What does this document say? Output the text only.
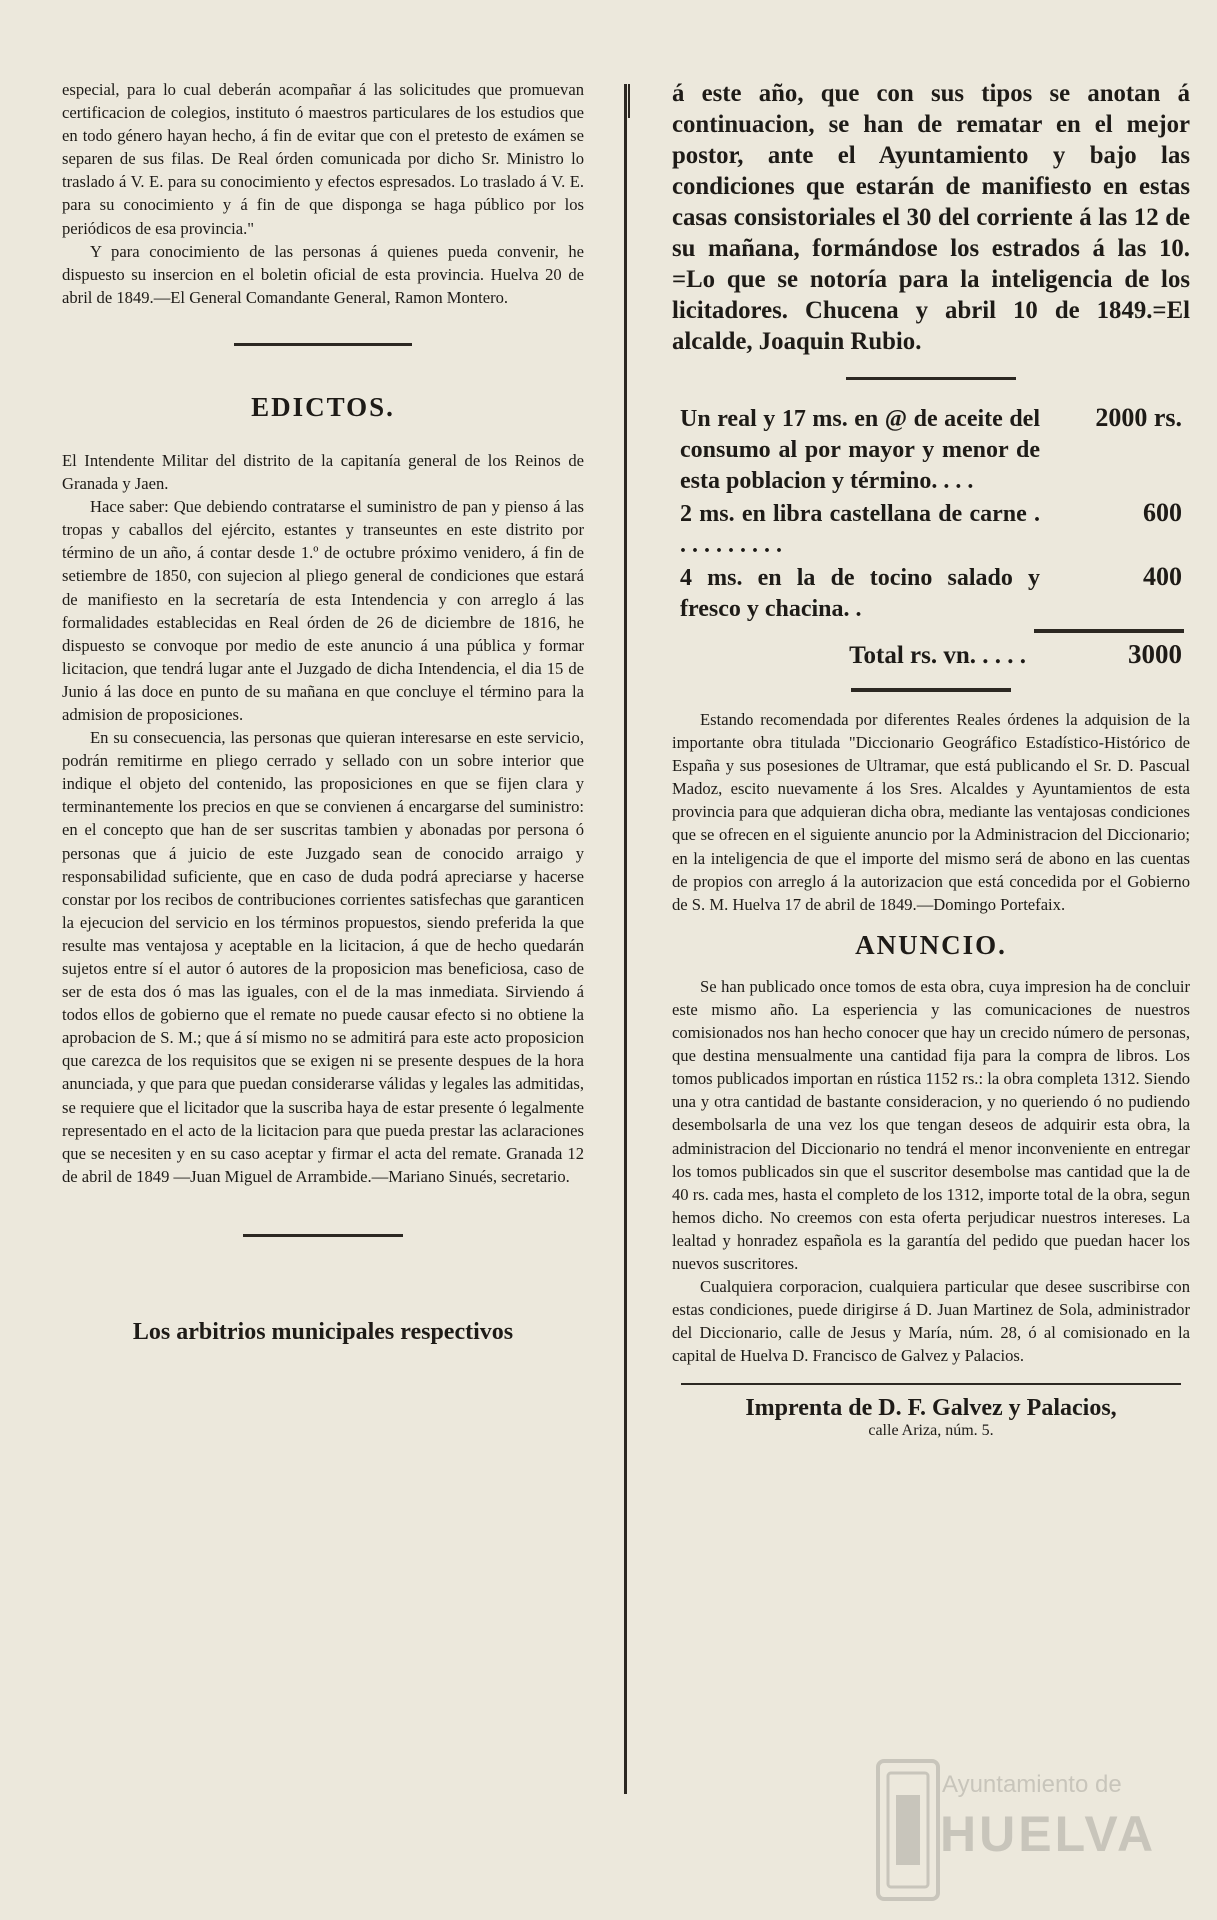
especial, para lo cual deberán acompañar á las solicitudes que promuevan certificacion de colegios, instituto ó maestros particulares de los estudios que en todo género hayan hecho, á fin de evitar que con el pretesto de exámen se separen de sus filas. De Real órden comunicada por dicho Sr. Ministro lo traslado á V. E. para su conocimiento y efectos espresados. Lo traslado á V. E. para su conocimiento y á fin de que disponga se haga público por los periódicos de esa provincia."

Y para conocimiento de las personas á quienes pueda convenir, he dispuesto su insercion en el boletin oficial de esta provincia. Huelva 20 de abril de 1849.—El General Comandante General, Ramon Montero.

EDICTOS.

El Intendente Militar del distrito de la capitanía general de los Reinos de Granada y Jaen.

Hace saber: Que debiendo contratarse el suministro de pan y pienso á las tropas y caballos del ejército, estantes y transeuntes en este distrito por término de un año, á contar desde 1.º de octubre próximo venidero, á fin de setiembre de 1850, con sujecion al pliego general de condiciones que estará de manifiesto en la secretaría de esta Intendencia y con arreglo á las formalidades establecidas en Real órden de 26 de diciembre de 1816, he dispuesto se convoque por medio de este anuncio á una pública y formar licitacion, que tendrá lugar ante el Juzgado de dicha Intendencia, el dia 15 de Junio á las doce en punto de su mañana en que concluye el término para la admision de proposiciones.

En su consecuencia, las personas que quieran interesarse en este servicio, podrán remitirme en pliego cerrado y sellado con un sobre interior que indique el objeto del contenido, las proposiciones en que se fijen clara y terminantemente los precios en que se convienen á encargarse del suministro: en el concepto que han de ser suscritas tambien y abonadas por persona ó personas que á juicio de este Juzgado sean de conocido arraigo y responsabilidad suficiente, que en caso de duda podrá apreciarse y hacerse constar por los recibos de contribuciones corrientes satisfechas que garanticen la ejecucion del servicio en los términos propuestos, siendo preferida la que resulte mas ventajosa y aceptable en la licitacion, á que de hecho quedarán sujetos entre sí el autor ó autores de la proposicion mas beneficiosa, caso de ser de esta dos ó mas las iguales, con el de la mas inmediata. Sirviendo á todos ellos de gobierno que el remate no puede causar efecto si no obtiene la aprobacion de S. M.; que á sí mismo no se admitirá para este acto proposicion que carezca de los requisitos que se exigen ni se presente despues de la hora anunciada, y que para que puedan considerarse válidas y legales las admitidas, se requiere que el licitador que la suscriba haya de estar presente ó legalmente representado en el acto de la licitacion para que pueda prestar las aclaraciones que se necesiten y en su caso aceptar y firmar el acta del remate. Granada 12 de abril de 1849 —Juan Miguel de Arrambide.—Mariano Sinués, secretario.

Los arbitrios municipales respectivos

á este año, que con sus tipos se anotan á continuacion, se han de rematar en el mejor postor, ante el Ayuntamiento y bajo las condiciones que estarán de manifiesto en estas casas consistoriales el 30 del corriente á las 12 de su mañana, formándose los estrados á las 10. =Lo que se notoría para la inteligencia de los licitadores. Chucena y abril 10 de 1849.=El alcalde, Joaquin Rubio.

Un real y 17 ms. en @ de aceite del consumo al por mayor y menor de esta poblacion y término. . . .
2000 rs.
2 ms. en libra castellana de carne . . . . . . . . . .
600
4 ms. en la de tocino salado y fresco y chacina. .
400
Total rs. vn. . . . .	3000

Estando recomendada por diferentes Reales órdenes la adquision de la importante obra titulada "Diccionario Geográfico Estadístico-Histórico de España y sus posesiones de Ultramar, que está publicando el Sr. D. Pascual Madoz, escito nuevamente á los Sres. Alcaldes y Ayuntamientos de esta provincia para que adquieran dicha obra, mediante las ventajosas condiciones que se ofrecen en el siguiente anuncio por la Administracion del Diccionario; en la inteligencia de que el importe del mismo será de abono en las cuentas de propios con arreglo á la autorizacion que está concedida por el Gobierno de S. M. Huelva 17 de abril de 1849.—Domingo Portefaix.

ANUNCIO.

Se han publicado once tomos de esta obra, cuya impresion ha de concluir este mismo año. La esperiencia y las comunicaciones de nuestros comisionados nos han hecho conocer que hay un crecido número de personas, que destina mensualmente una cantidad fija para la compra de libros. Los tomos publicados importan en rústica 1152 rs.: la obra completa 1312. Siendo una y otra cantidad de bastante consideracion, y no queriendo ó no pudiendo desembolsarla de una vez los que tengan deseos de adquirir esta obra, la administracion del Diccionario no tendrá el menor inconveniente en entregar los tomos publicados sin que el suscritor desembolse mas cantidad que la de 40 rs. cada mes, hasta el completo de los 1312, importe total de la obra, segun hemos dicho. No creemos con esta oferta perjudicar nuestros intereses. La lealtad y honradez española es la garantía del pedido que puedan hacer los nuevos suscritores.

Cualquiera corporacion, cualquiera particular que desee suscribirse con estas condiciones, puede dirigirse á D. Juan Martinez de Sola, administrador del Diccionario, calle de Jesus y María, núm. 28, ó al comisionado en la capital de Huelva D. Francisco de Galvez y Palacios.

Imprenta de D. F. Galvez y Palacios,
calle Ariza, núm. 5.
Ayuntamiento de
HUELVA
